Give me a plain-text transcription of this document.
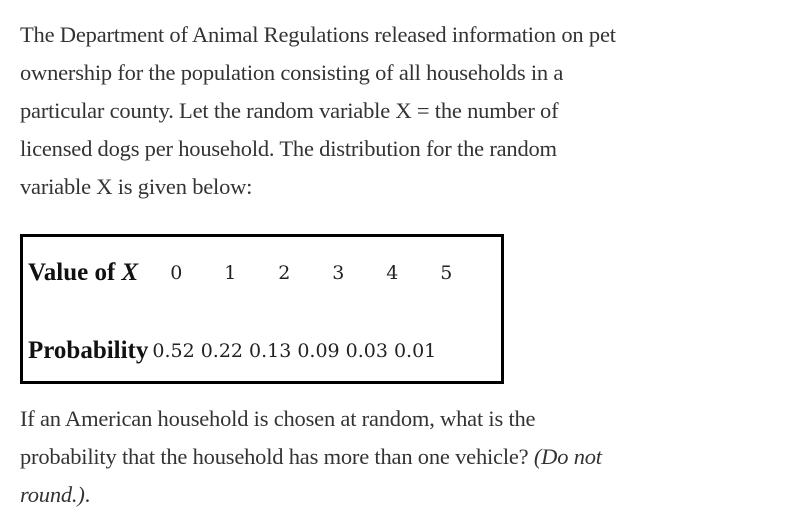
The Department of Animal Regulations released information on pet
ownership for the population consisting of all households in a
particular county. Let the random variable X = the number of
licensed dogs per household. The distribution for the random
variable X is given below:

Value of X 0	1	2	3	4	5
Probability 0.52 0.22 0.13 0.09 0.03 0.01

If an American household is chosen at random, what is the
probability that the household has more than one vehicle? (Do not
round.).
